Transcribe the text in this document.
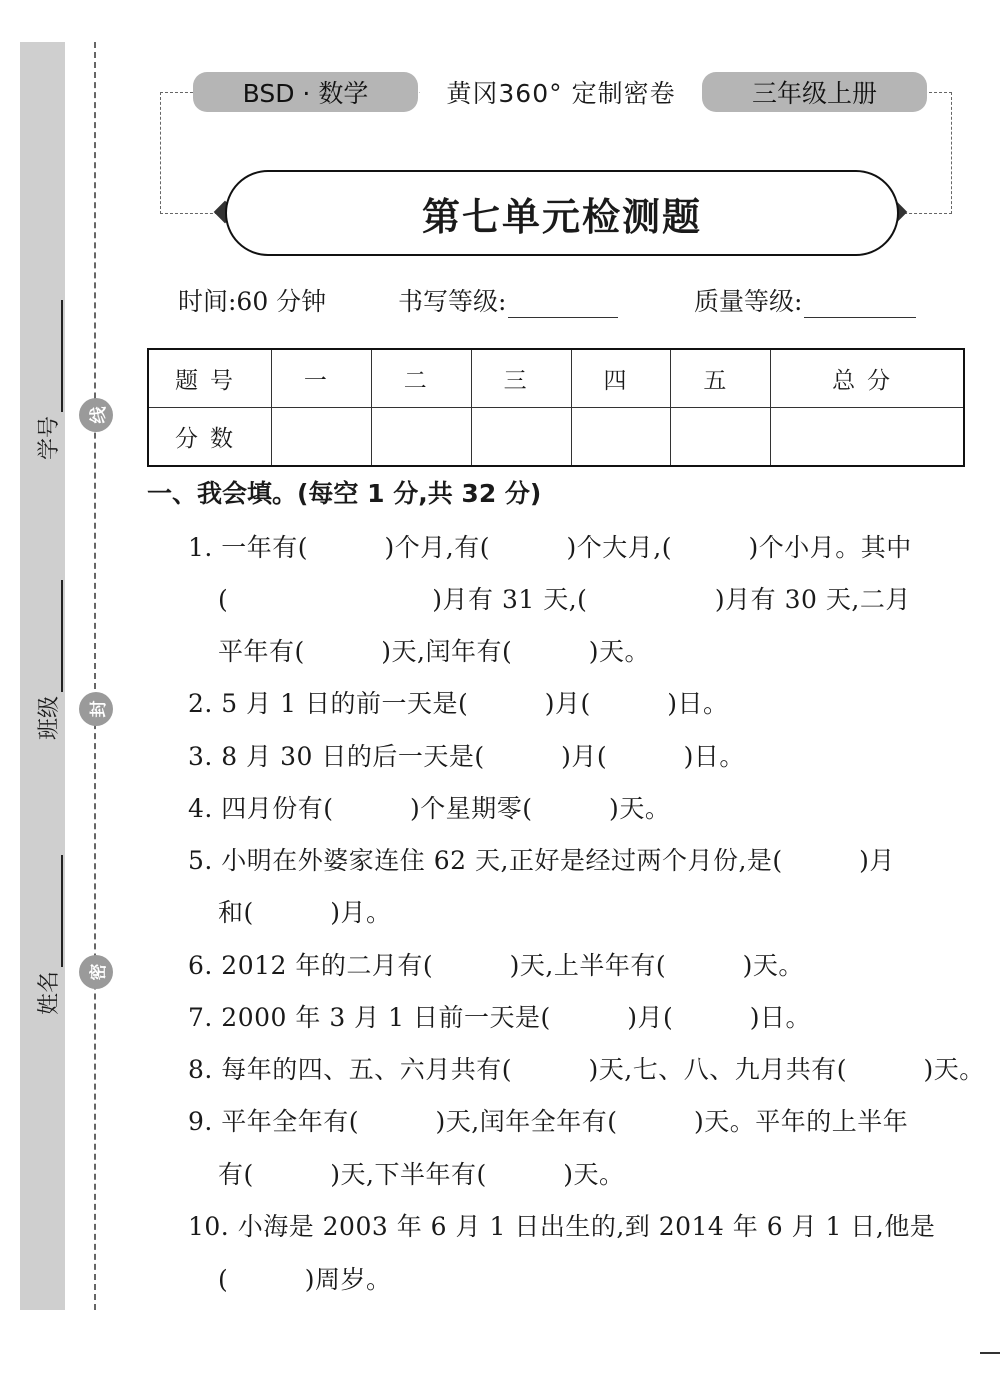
线
封
密
学号
班级
姓名
BSD · 数学	黄冈360° 定制密卷	三年级上册
第七单元检测题
时间:60 分钟	书写等级:	质量等级:
题号	一	二	三	四	五	总分
分数						
一、我会填。(每空 1 分,共 32 分)
1. 一年有(　　　)个月,有(　　　)个大月,(　　　)个小月。其中
(　　　　　　　　)月有 31 天,(　　　　　)月有 30 天,二月
平年有(　　　)天,闰年有(　　　)天。
2. 5 月 1 日的前一天是(　　　)月(　　　)日。
3. 8 月 30 日的后一天是(　　　)月(　　　)日。
4. 四月份有(　　　)个星期零(　　　)天。
5. 小明在外婆家连住 62 天,正好是经过两个月份,是(　　　)月
和(　　　)月。
6. 2012 年的二月有(　　　)天,上半年有(　　　)天。
7. 2000 年 3 月 1 日前一天是(　　　)月(　　　)日。
8. 每年的四、五、六月共有(　　　)天,七、八、九月共有(　　　)天。
9. 平年全年有(　　　)天,闰年全年有(　　　)天。平年的上半年
有(　　　)天,下半年有(　　　)天。
10. 小海是 2003 年 6 月 1 日出生的,到 2014 年 6 月 1 日,他是
(　　　)周岁。
